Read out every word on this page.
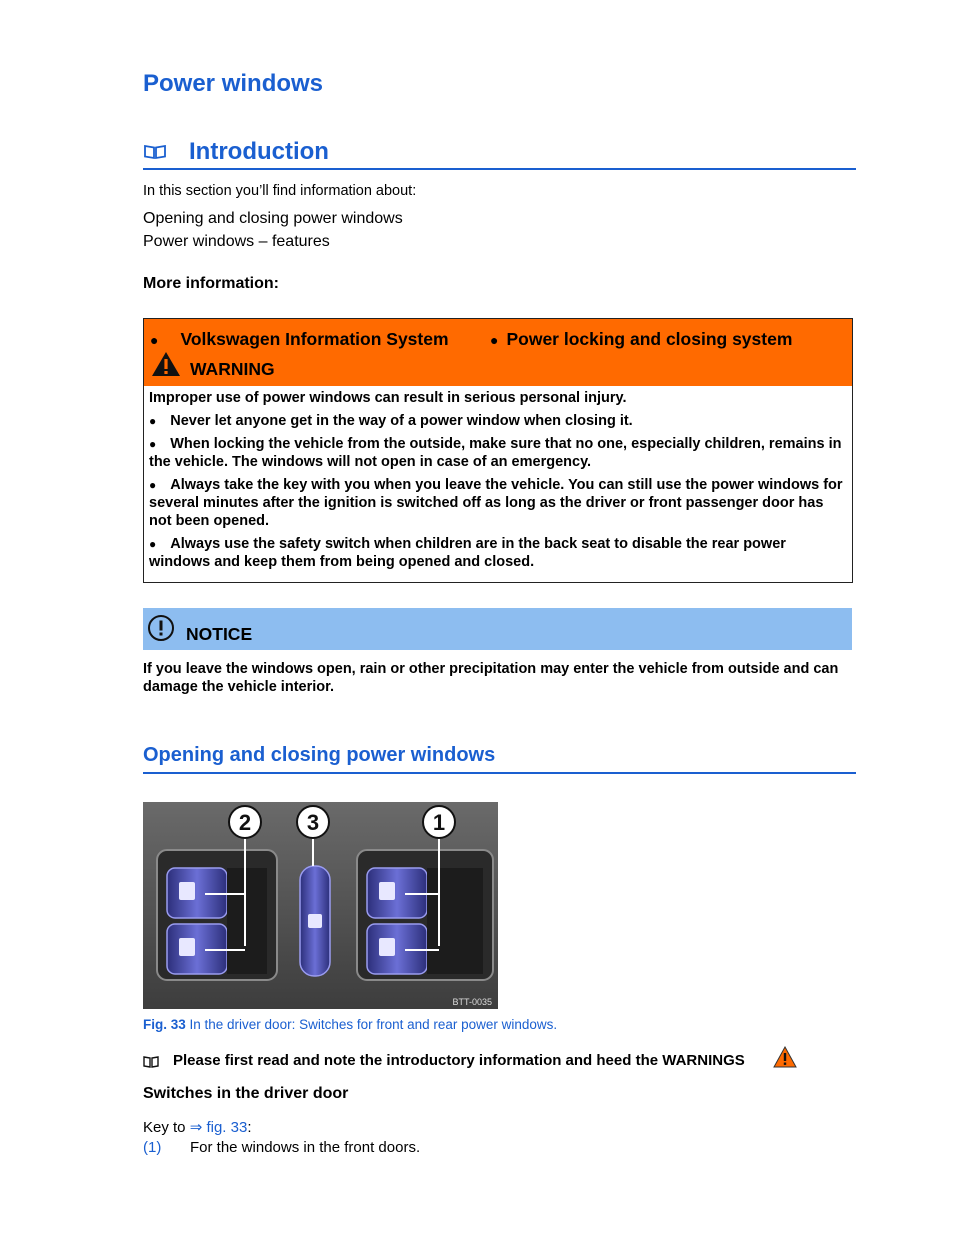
Power windows
Introduction
In this section you’ll find information about:
Opening and closing power windows
Power windows – features
More information:
● Volkswagen Information System	● Power locking and closing system
WARNING

Improper use of power windows can result in serious personal injury.

● Never let anyone get in the way of a power window when closing it.

● When locking the vehicle from the outside, make sure that no one, especially children, remains in the vehicle. The windows will not open in case of an emergency.

● Always take the key with you when you leave the vehicle. You can still use the power windows for several minutes after the ignition is switched off as long as the driver or front passenger door has not been opened.

● Always use the safety switch when children are in the back seat to disable the rear power windows and keep them from being opened and closed.

NOTICE
If you leave the windows open, rain or other precipitation may enter the vehicle from outside and can damage the vehicle interior.
Opening and closing power windows
2	3	1
BTT-0035
Fig. 33 In the driver door: Switches for front and rear power windows.
Please first read and note the introductory information and heed the WARNINGS
Switches in the driver door
Key to ⇒ fig. 33:
(1) For the windows in the front doors.
